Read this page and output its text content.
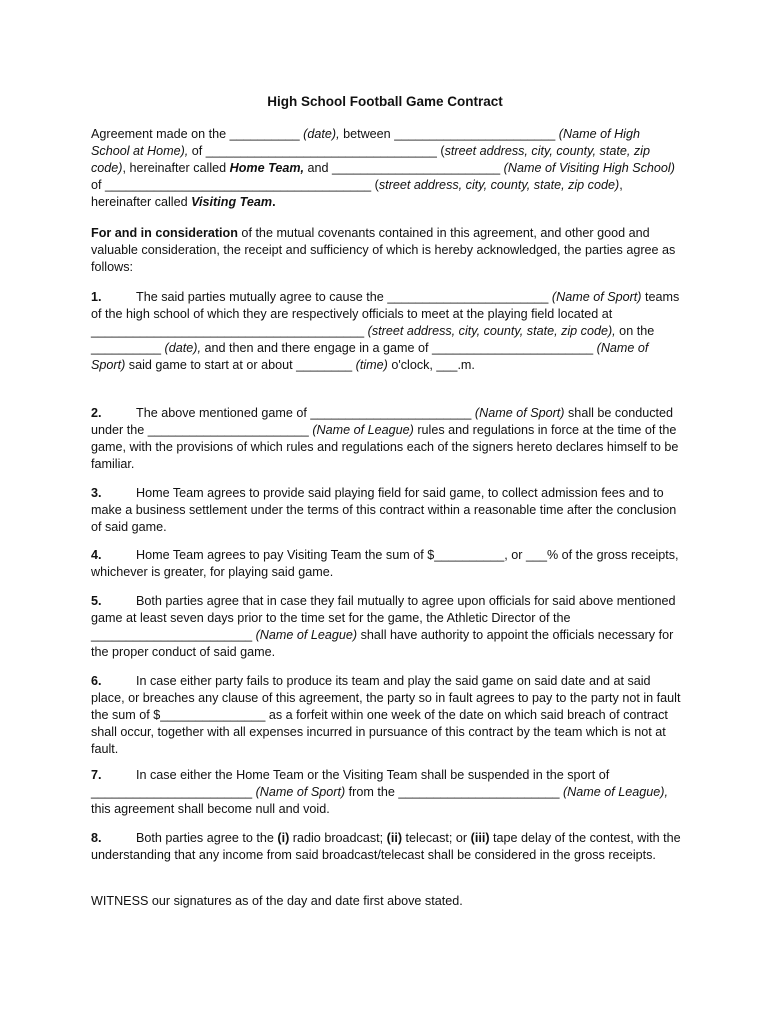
High School Football Game Contract

Agreement made on the __________ (date), between _______________________ (Name of High School at Home), of _________________________________ (street address, city, county, state, zip code), hereinafter called Home Team, and ________________________ (Name of Visiting High School) of ______________________________________ (street address, city, county, state, zip code), hereinafter called Visiting Team.

For and in consideration of the mutual covenants contained in this agreement, and other good and valuable consideration, the receipt and sufficiency of which is hereby acknowledged, the parties agree as follows:

1.	The said parties mutually agree to cause the _______________________ (Name of Sport) teams of the high school of which they are respectively officials to meet at the playing field located at _______________________________________ (street address, city, county, state, zip code), on the __________ (date), and then and there engage in a game of _______________________ (Name of Sport) said game to start at or about ________ (time) o'clock, ___.m.

2.	The above mentioned game of _______________________ (Name of Sport) shall be conducted under the _______________________ (Name of League) rules and regulations in force at the time of the game, with the provisions of which rules and regulations each of the signers hereto declares himself to be familiar.

3.	Home Team agrees to provide said playing field for said game, to collect admission fees and to make a business settlement under the terms of this contract within a reasonable time after the conclusion of said game.

4.	Home Team agrees to pay Visiting Team the sum of $__________, or ___% of the gross receipts, whichever is greater, for playing said game.

5.	Both parties agree that in case they fail mutually to agree upon officials for said above mentioned game at least seven days prior to the time set for the game, the Athletic Director of the _______________________ (Name of League) shall have authority to appoint the officials necessary for the proper conduct of said game.

6.	In case either party fails to produce its team and play the said game on said date and at said place, or breaches any clause of this agreement, the party so in fault agrees to pay to the party not in fault the sum of $_______________ as a forfeit within one week of the date on which said breach of contract shall occur, together with all expenses incurred in pursuance of this contract by the team which is not at fault.

7.	In case either the Home Team or the Visiting Team shall be suspended in the sport of _______________________ (Name of Sport) from the _______________________ (Name of League), this agreement shall become null and void.

8.	Both parties agree to the (i) radio broadcast; (ii) telecast; or (iii) tape delay of the contest, with the understanding that any income from said broadcast/telecast shall be considered in the gross receipts.

WITNESS our signatures as of the day and date first above stated.
